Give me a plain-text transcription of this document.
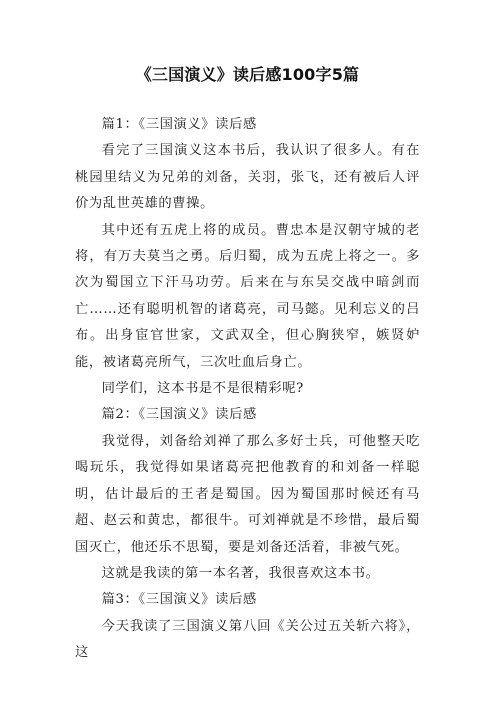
《三国演义》读后感100字5篇

篇1：《三国演义》读后感

看完了三国演义这本书后，我认识了很多人。有在桃园里结义为兄弟的刘备，关羽，张飞，还有被后人评价为乱世英雄的曹操。

其中还有五虎上将的成员。曹忠本是汉朝守城的老将，有万夫莫当之勇。后归蜀，成为五虎上将之一。多次为蜀国立下汗马功劳。后来在与东吴交战中暗剑而亡……还有聪明机智的诸葛亮，司马懿。见利忘义的吕布。出身宦官世家，文武双全，但心胸狭窄，嫉贤妒能，被诸葛亮所气，三次吐血后身亡。

同学们，这本书是不是很精彩呢?

篇2：《三国演义》读后感

我觉得，刘备给刘禅了那么多好士兵，可他整天吃喝玩乐，我觉得如果诸葛亮把他教育的和刘备一样聪明，估计最后的王者是蜀国。因为蜀国那时候还有马超、赵云和黄忠，都很牛。可刘禅就是不珍惜，最后蜀国灭亡，他还乐不思蜀，要是刘备还活着，非被气死。

这就是我读的第一本名著，我很喜欢这本书。

篇3：《三国演义》读后感

今天我读了三国演义第八回《关公过五关斩六将》，这
